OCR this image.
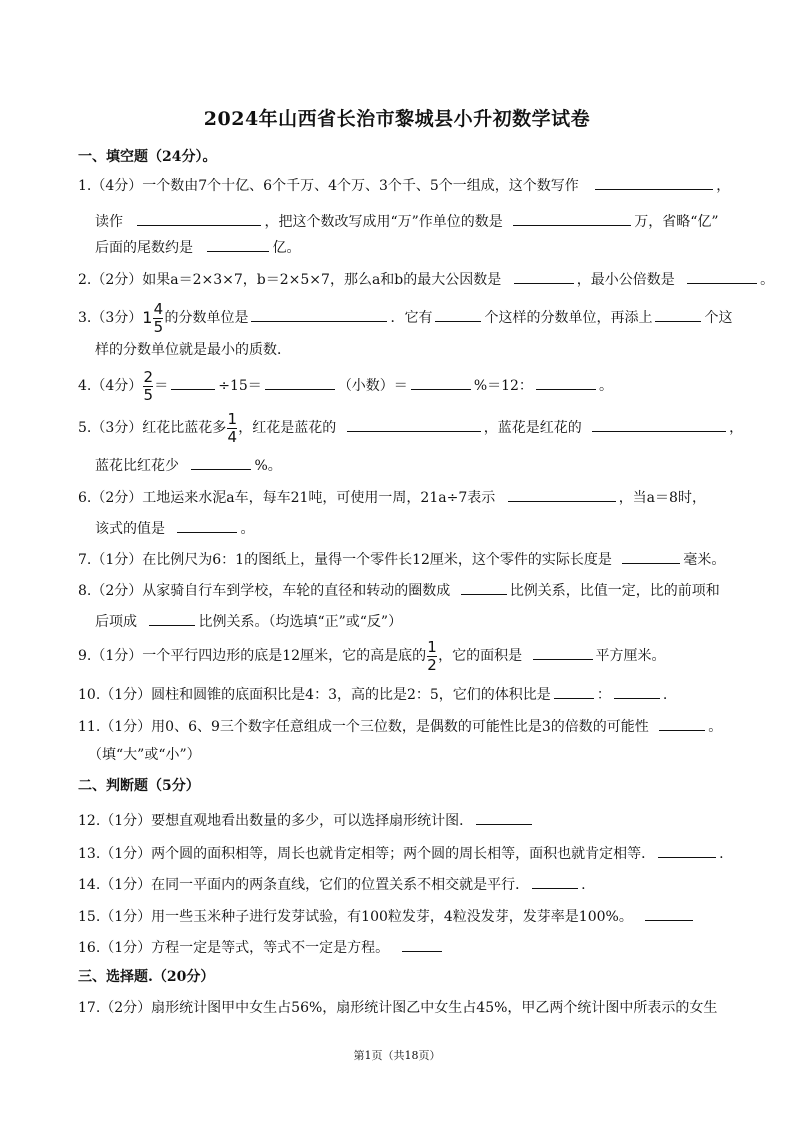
2024年山西省长治市黎城县小升初数学试卷
一、填空题（24分）。
1.（4分）一个数由7个十亿、6个千万、4个万、3个千、5个一组成，这个数写作	，
读作	，把这个数改写成用“万”作单位的数是	万，省略“亿”
后面的尾数约是	亿。
2.（2分）如果a＝2×3×7，b＝2×5×7，那么a和b的最大公因数是	，最小公倍数是	。
3.（3分）$1 \frac{4}{5}$ 的分数单位是	．它有	个这样的分数单位，再添上	个这
样的分数单位就是最小的质数．
4.（4分） $\frac{2}{5}$ ＝	÷15＝	（小数）＝	%＝12：	。
5.（3分）红花比蓝花多 $\frac{1}{4}$ ，红花是蓝花的	，蓝花是红花的	，
蓝花比红花少	%。
6.（2分）工地运来水泥a车，每车21吨，可使用一周，21a÷7表示	，当a＝8时，
该式的值是	。
7.（1分）在比例尺为6：1的图纸上，量得一个零件长12厘米，这个零件的实际长度是	毫米。
8.（2分）从家骑自行车到学校，车轮的直径和转动的圈数成	比例关系，比值一定，比的前项和
后项成	比例关系。（均选填“正”或“反”）
9.（1分）一个平行四边形的底是12厘米，它的高是底的 $\frac{1}{2}$ ，它的面积是	平方厘米。
10.（1分）圆柱和圆锥的底面积比是4：3，高的比是2：5，它们的体积比是	：	.
11.（1分）用0、6、9三个数字任意组成一个三位数，是偶数的可能性比是3的倍数的可能性	。
（填“大”或“小”）
二、判断题（5分）
12.（1分）要想直观地看出数量的多少，可以选择扇形统计图．
13.（1分）两个圆的面积相等，周长也就肯定相等；两个圆的周长相等，面积也就肯定相等．	.
14.（1分）在同一平面内的两条直线，它们的位置关系不相交就是平行．	.
15.（1分）用一些玉米种子进行发芽试验，有100粒发芽，4粒没发芽，发芽率是100%。
16.（1分）方程一定是等式，等式不一定是方程。
三、选择题.（20分）
17.（2分）扇形统计图甲中女生占56%，扇形统计图乙中女生占45%，甲乙两个统计图中所表示的女生
第1页（共18页）
